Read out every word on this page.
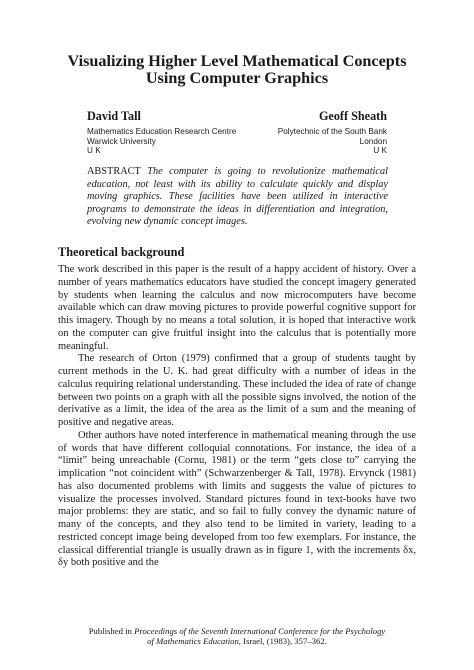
Visualizing Higher Level Mathematical Concepts
Using Computer Graphics
David Tall	Geoff Sheath
Mathematics Education Research Centre
Warwick University
U K
Polytechnic of the South Bank
London
U K

ABSTRACT The computer is going to revolutionize mathematical education, not least with its ability to calculate quickly and display moving graphics. These facilities have been utilized in interactive programs to demonstrate the ideas in differentiation and integration, evolving new dynamic concept images.

Theoretical background

The work described in this paper is the result of a happy accident of history. Over a number of years mathematics educators have studied the concept imagery generated by students when learning the calculus and now microcomputers have become available which can draw moving pictures to provide powerful cognitive support for this imagery. Though by no means a total solution, it is hoped that interactive work on the computer can give fruitful insight into the calculus that is potentially more meaningful.

The research of Orton (1979) confirmed that a group of students taught by current methods in the U. K. had great difficulty with a number of ideas in the calculus requiring relational understanding. These included the idea of rate of change between two points on a graph with all the possible signs involved, the notion of the derivative as a limit, the idea of the area as the limit of a sum and the meaning of positive and negative areas.

Other authors have noted interference in mathematical meaning through the use of words that have different colloquial connotations. For instance, the idea of a “limit” being unreachable (Cornu, 1981) or the term “gets close to” carrying the implication “not coincident with” (Schwarzenberger & Tall, 1978). Ervynck (1981) has also documented problems with limits and suggests the value of pictures to visualize the processes involved. Standard pictures found in text-books have two major problems: they are static, and so fail to fully convey the dynamic nature of many of the concepts, and they also tend to be limited in variety, leading to a restricted concept image being developed from too few exemplars. For instance, the classical differential triangle is usually drawn as in figure 1, with the increments δx, δy both positive and the

Published in Proceedings of the Seventh International Conference for the Psychology
of Mathematics Education, Israel, (1983), 357–362.
